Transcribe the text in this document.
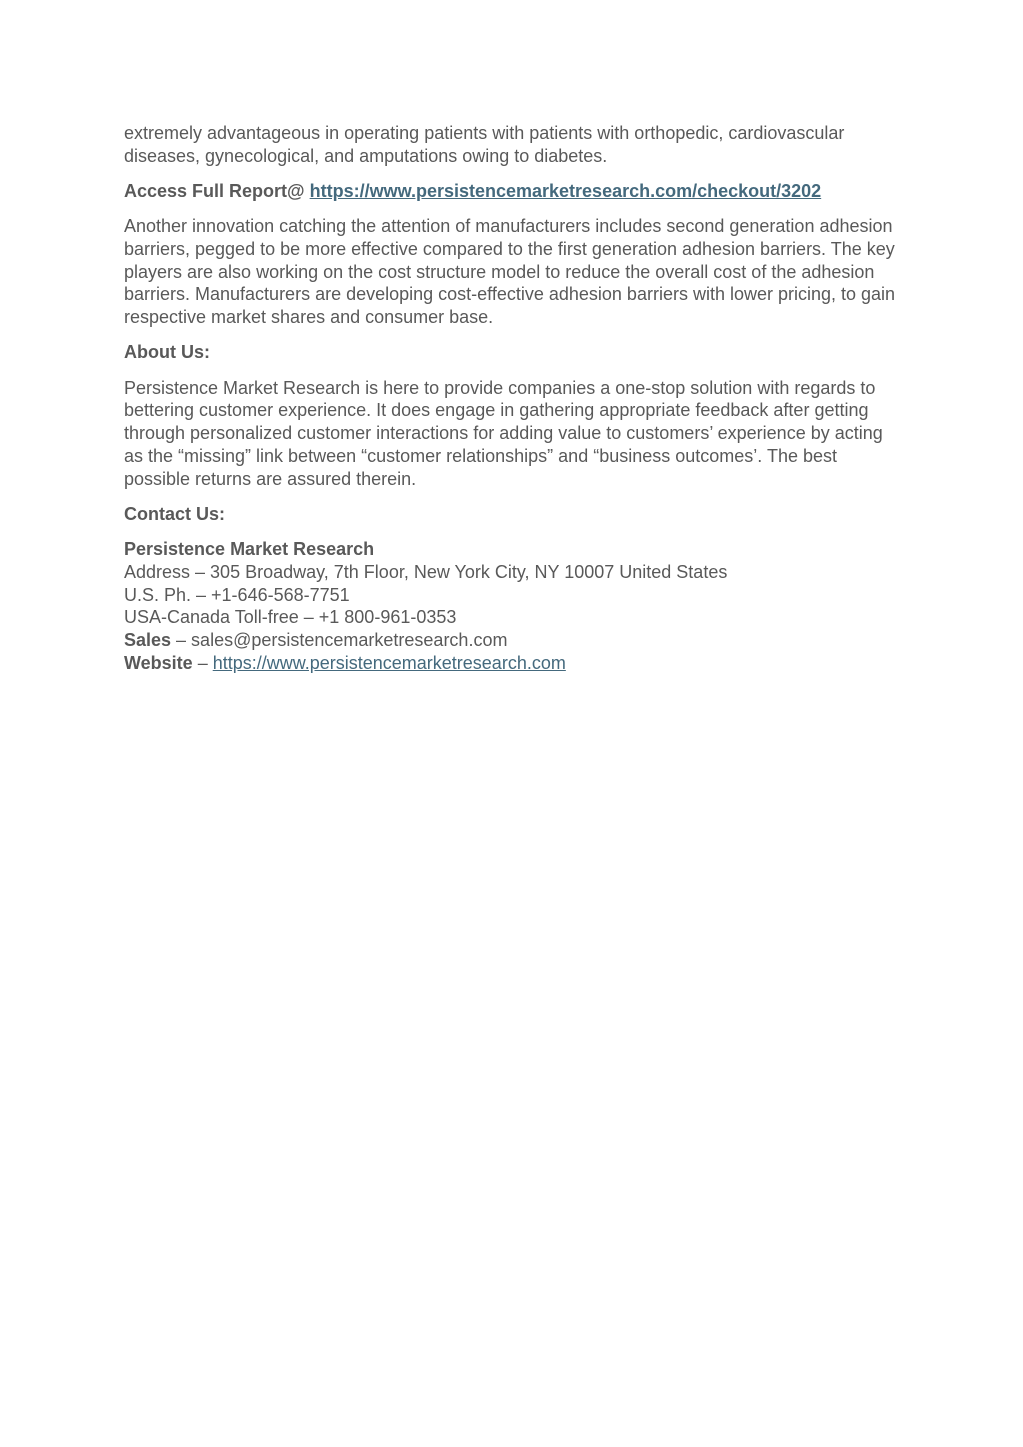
extremely advantageous in operating patients with patients with orthopedic, cardiovascular diseases, gynecological, and amputations owing to diabetes.

Access Full Report@ https://www.persistencemarketresearch.com/checkout/3202

Another innovation catching the attention of manufacturers includes second generation adhesion barriers, pegged to be more effective compared to the first generation adhesion barriers. The key players are also working on the cost structure model to reduce the overall cost of the adhesion barriers. Manufacturers are developing cost-effective adhesion barriers with lower pricing, to gain respective market shares and consumer base.

About Us:

Persistence Market Research is here to provide companies a one-stop solution with regards to bettering customer experience. It does engage in gathering appropriate feedback after getting through personalized customer interactions for adding value to customers’ experience by acting as the “missing” link between “customer relationships” and “business outcomes’. The best possible returns are assured therein.

Contact Us:

Persistence Market Research
Address – 305 Broadway, 7th Floor, New York City, NY 10007 United States
U.S. Ph. – +1-646-568-7751
USA-Canada Toll-free – +1 800-961-0353
Sales – sales@persistencemarketresearch.com
Website – https://www.persistencemarketresearch.com
